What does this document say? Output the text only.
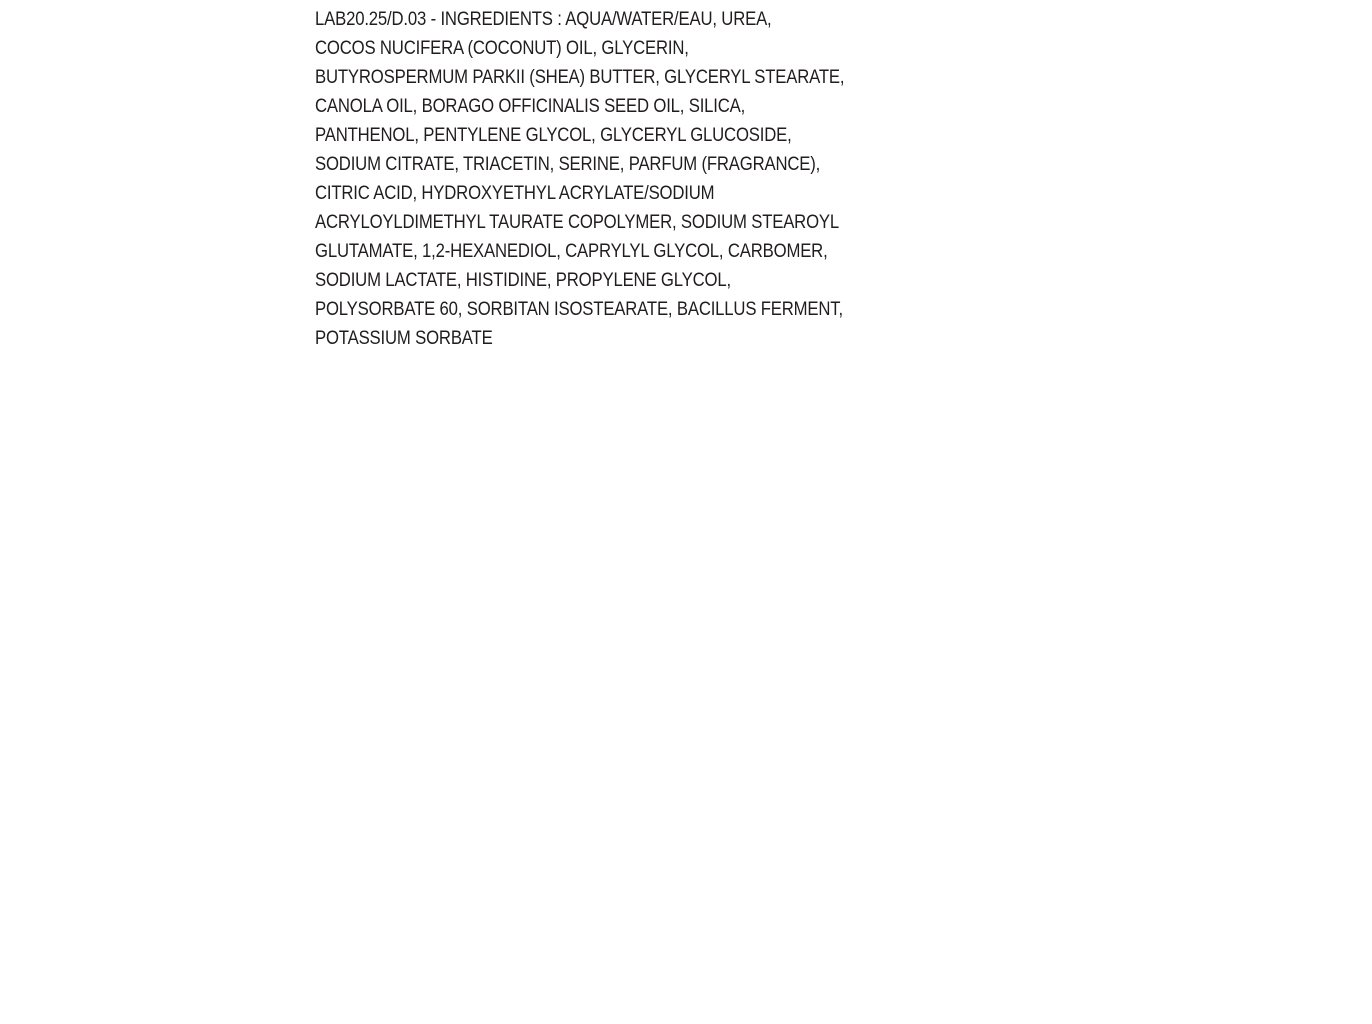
LAB20.25/D.03 - INGREDIENTS : AQUA/WATER/EAU, UREA,
COCOS NUCIFERA (COCONUT) OIL, GLYCERIN,
BUTYROSPERMUM PARKII (SHEA) BUTTER, GLYCERYL STEARATE,
CANOLA OIL, BORAGO OFFICINALIS SEED OIL, SILICA,
PANTHENOL, PENTYLENE GLYCOL, GLYCERYL GLUCOSIDE,
SODIUM CITRATE, TRIACETIN, SERINE, PARFUM (FRAGRANCE),
CITRIC ACID, HYDROXYETHYL ACRYLATE/SODIUM
ACRYLOYLDIMETHYL TAURATE COPOLYMER, SODIUM STEAROYL
GLUTAMATE, 1,2-HEXANEDIOL, CAPRYLYL GLYCOL, CARBOMER,
SODIUM LACTATE, HISTIDINE, PROPYLENE GLYCOL,
POLYSORBATE 60, SORBITAN ISOSTEARATE, BACILLUS FERMENT,
POTASSIUM SORBATE
